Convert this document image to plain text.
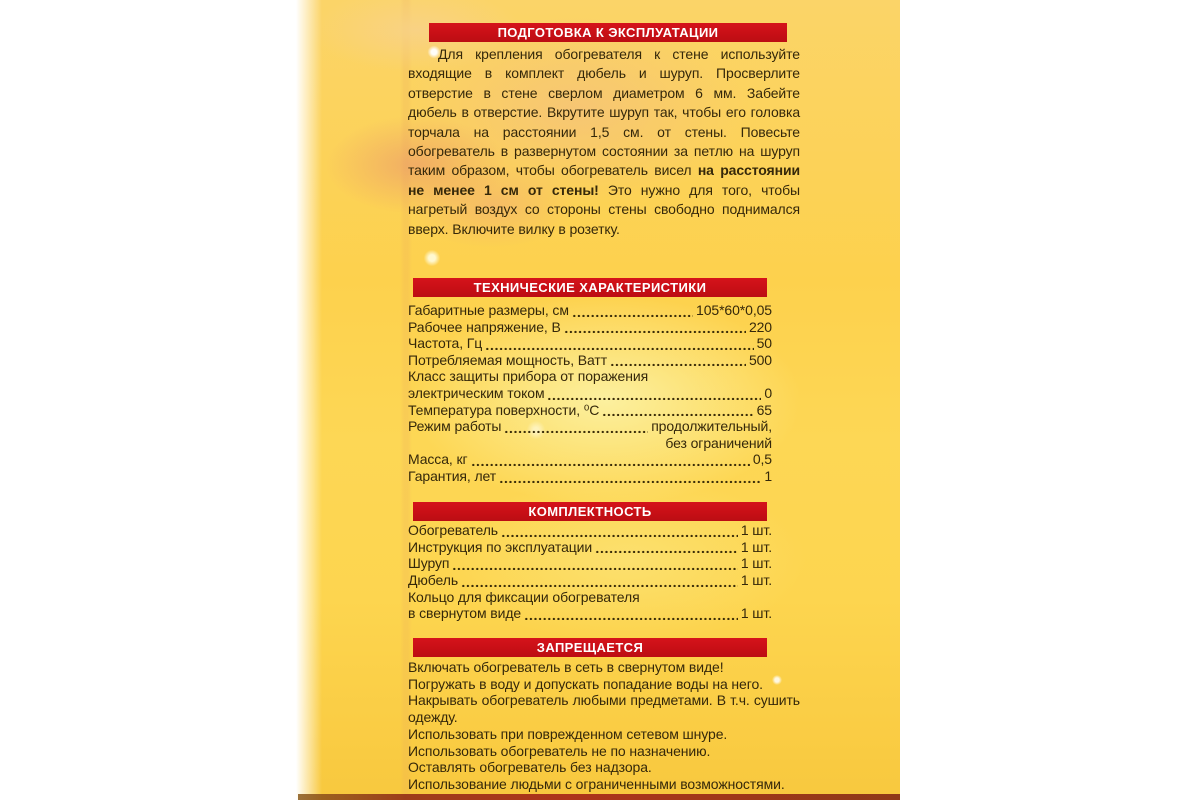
ПОДГОТОВКА К ЭКСПЛУАТАЦИИ
Для крепления обогревателя к стене используйте входящие в комплект дюбель и шуруп. Просверлите отверстие в стене сверлом диаметром 6 мм. Забейте дюбель в отверстие. Вкрутите шуруп так, чтобы его головка торчала на расстоянии 1,5 см. от стены. Повесьте обогреватель в развернутом состоянии за петлю на шуруп таким образом, чтобы обогреватель висел на расстоянии не менее 1 см от стены! Это нужно для того, чтобы нагретый воздух со стороны стены свободно поднимался вверх. Включите вилку в розетку.
ТЕХНИЧЕСКИЕ ХАРАКТЕРИСТИКИ
Габаритные размеры, см	105*60*0,05
Рабочее напряжение, В	220
Частота, Гц	50
Потребляемая мощность, Ватт	500
Класс защиты прибора от поражения
электрическим током	0
Температура поверхности, ⁰С	65
Режим работы	продолжительный,
без ограничений
Масса, кг	0,5
Гарантия, лет	1
КОМПЛЕКТНОСТЬ
Обогреватель	1 шт.
Инструкция по эксплуатации	1 шт.
Шуруп	1 шт.
Дюбель	1 шт.
Кольцо для фиксации обогревателя
в свернутом виде	1 шт.
ЗАПРЕЩАЕТСЯ
Включать обогреватель в сеть в свернутом виде!
Погружать в воду и допускать попадание воды на него.
Накрывать обогреватель любыми предметами. В т.ч. сушить одежду.
Использовать при поврежденном сетевом шнуре.
Использовать обогреватель не по назначению.
Оставлять обогреватель без надзора.
Использование людьми с ограниченными возможностями.
